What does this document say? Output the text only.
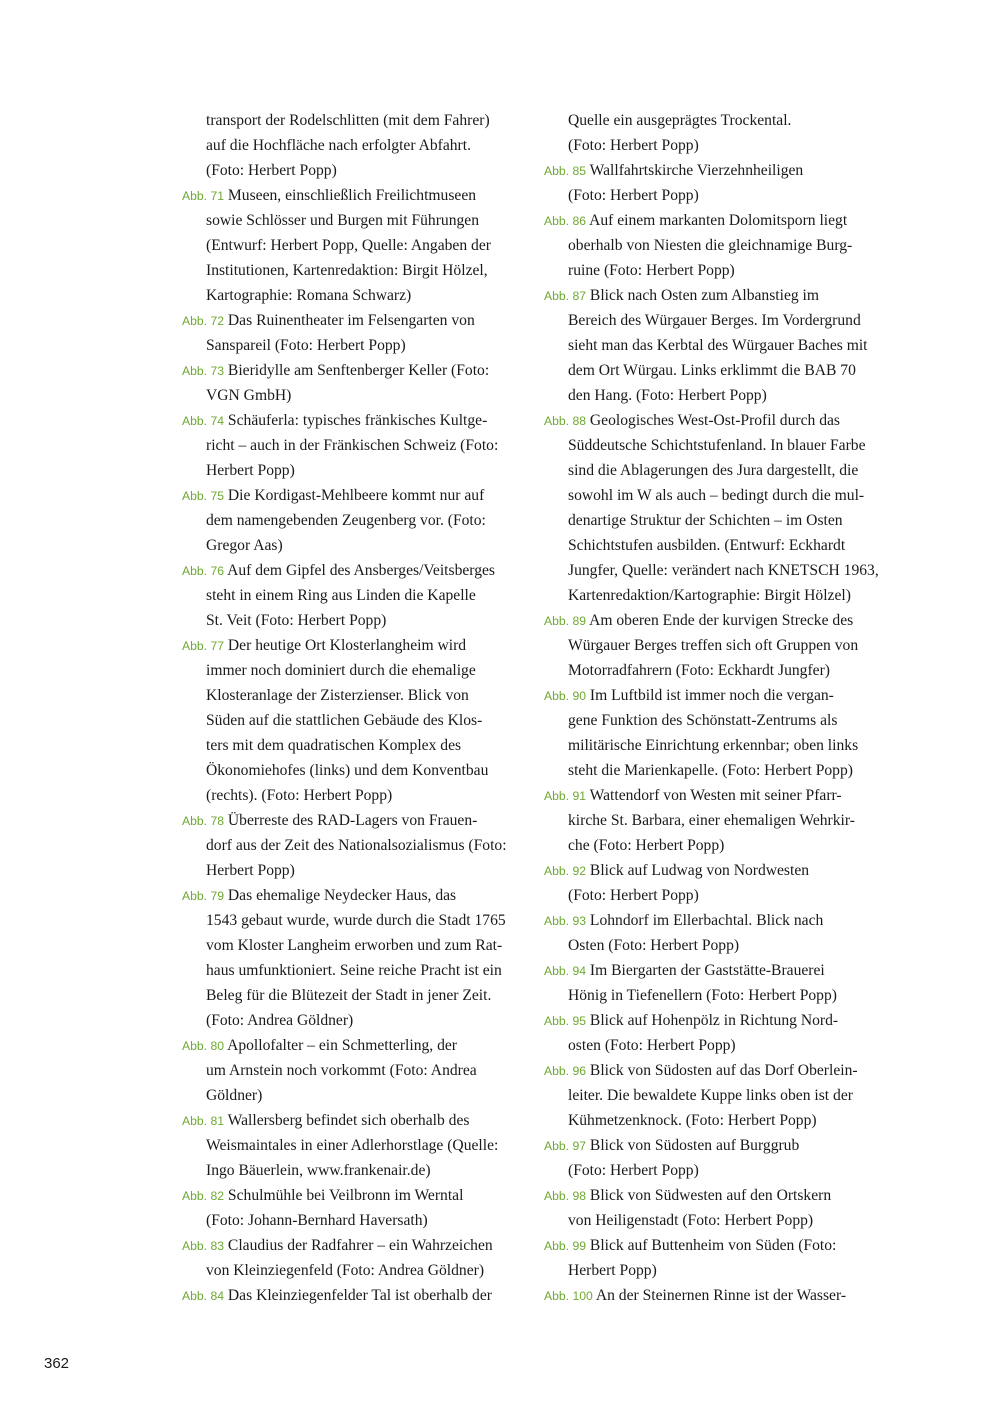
transport der Rodelschlitten (mit dem Fahrer)
auf die Hochfläche nach erfolgter Abfahrt.
(Foto: Herbert Popp)
Abb. 71 Museen, einschließlich Freilichtmuseen
sowie Schlösser und Burgen mit Führungen
(Entwurf: Herbert Popp, Quelle: Angaben der
Institutionen, Kartenredaktion: Birgit Hölzel,
Kartographie: Romana Schwarz)
Abb. 72 Das Ruinentheater im Felsengarten von
Sanspareil (Foto: Herbert Popp)
Abb. 73 Bieridylle am Senftenberger Keller (Foto:
VGN GmbH)
Abb. 74 Schäuferla: typisches fränkisches Kultge-
richt – auch in der Fränkischen Schweiz (Foto:
Herbert Popp)
Abb. 75 Die Kordigast-Mehlbeere kommt nur auf
dem namengebenden Zeugenberg vor. (Foto:
Gregor Aas)
Abb. 76 Auf dem Gipfel des Ansberges/Veitsberges
steht in einem Ring aus Linden die Kapelle
St. Veit (Foto: Herbert Popp)
Abb. 77 Der heutige Ort Klosterlangheim wird
immer noch dominiert durch die ehemalige
Klosteranlage der Zisterzienser. Blick von
Süden auf die stattlichen Gebäude des Klos-
ters mit dem quadratischen Komplex des
Ökonomiehofes (links) und dem Konventbau
(rechts). (Foto: Herbert Popp)
Abb. 78 Überreste des RAD-Lagers von Frauen-
dorf aus der Zeit des Nationalsozialismus (Foto:
Herbert Popp)
Abb. 79 Das ehemalige Neydecker Haus, das
1543 gebaut wurde, wurde durch die Stadt 1765
vom Kloster Langheim erworben und zum Rat-
haus umfunktioniert. Seine reiche Pracht ist ein
Beleg für die Blütezeit der Stadt in jener Zeit.
(Foto: Andrea Göldner)
Abb. 80 Apollofalter – ein Schmetterling, der
um Arnstein noch vorkommt (Foto: Andrea
Göldner)
Abb. 81 Wallersberg befindet sich oberhalb des
Weismaintales in einer Adlerhorstlage (Quelle:
Ingo Bäuerlein, www.frankenair.de)
Abb. 82 Schulmühle bei Veilbronn im Werntal
(Foto: Johann-Bernhard Haversath)
Abb. 83 Claudius der Radfahrer – ein Wahrzeichen
von Kleinziegenfeld (Foto: Andrea Göldner)
Abb. 84 Das Kleinziegenfelder Tal ist oberhalb der
Quelle ein ausgeprägtes Trockental.
(Foto: Herbert Popp)
Abb. 85 Wallfahrtskirche Vierzehnheiligen
(Foto: Herbert Popp)
Abb. 86 Auf einem markanten Dolomitsporn liegt
oberhalb von Niesten die gleichnamige Burg-
ruine (Foto: Herbert Popp)
Abb. 87 Blick nach Osten zum Albanstieg im
Bereich des Würgauer Berges. Im Vordergrund
sieht man das Kerbtal des Würgauer Baches mit
dem Ort Würgau. Links erklimmt die BAB 70
den Hang. (Foto: Herbert Popp)
Abb. 88 Geologisches West-Ost-Profil durch das
Süddeutsche Schichtstufenland. In blauer Farbe
sind die Ablagerungen des Jura dargestellt, die
sowohl im W als auch – bedingt durch die mul-
denartige Struktur der Schichten – im Osten
Schichtstufen ausbilden. (Entwurf: Eckhardt
Jungfer, Quelle: verändert nach KNETSCH 1963,
Kartenredaktion/Kartographie: Birgit Hölzel)
Abb. 89 Am oberen Ende der kurvigen Strecke des
Würgauer Berges treffen sich oft Gruppen von
Motorradfahrern (Foto: Eckhardt Jungfer)
Abb. 90 Im Luftbild ist immer noch die vergan-
gene Funktion des Schönstatt-Zentrums als
militärische Einrichtung erkennbar; oben links
steht die Marienkapelle. (Foto: Herbert Popp)
Abb. 91 Wattendorf von Westen mit seiner Pfarr-
kirche St. Barbara, einer ehemaligen Wehrkir-
che (Foto: Herbert Popp)
Abb. 92 Blick auf Ludwag von Nordwesten
(Foto: Herbert Popp)
Abb. 93 Lohndorf im Ellerbachtal. Blick nach
Osten (Foto: Herbert Popp)
Abb. 94 Im Biergarten der Gaststätte-Brauerei
Hönig in Tiefenellern (Foto: Herbert Popp)
Abb. 95 Blick auf Hohenpölz in Richtung Nord-
osten (Foto: Herbert Popp)
Abb. 96 Blick von Südosten auf das Dorf Oberlein-
leiter. Die bewaldete Kuppe links oben ist der
Kühmetzenknock. (Foto: Herbert Popp)
Abb. 97 Blick von Südosten auf Burggrub
(Foto: Herbert Popp)
Abb. 98 Blick von Südwesten auf den Ortskern
von Heiligenstadt (Foto: Herbert Popp)
Abb. 99 Blick auf Buttenheim von Süden (Foto:
Herbert Popp)
Abb. 100 An der Steinernen Rinne ist der Wasser-
362
